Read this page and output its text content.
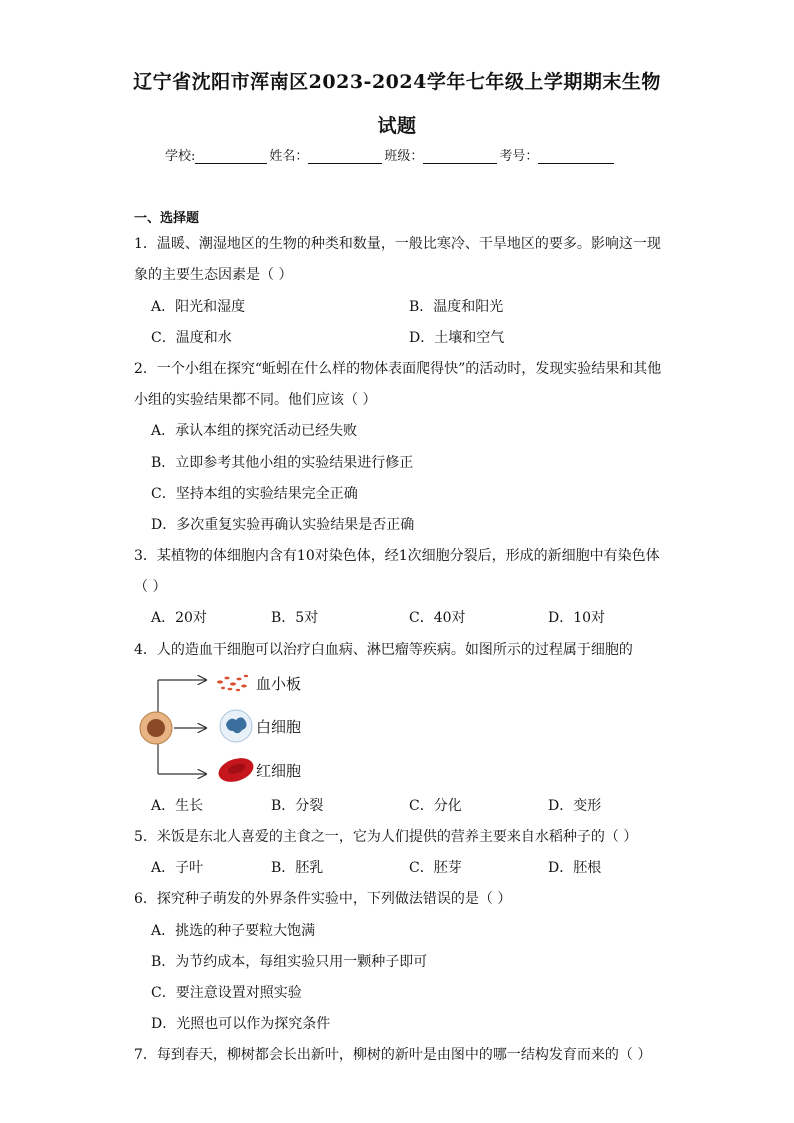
辽宁省沈阳市浑南区2023-2024学年七年级上学期期末生物
试题
学校:	姓名：	班级：	考号：
一、选择题
1．温暖、潮湿地区的生物的种类和数量，一般比寒冷、干旱地区的要多。影响这一现
象的主要生态因素是（ ）
A．阳光和湿度	B．温度和阳光
C．温度和水	D．土壤和空气
2．一个小组在探究“蚯蚓在什么样的物体表面爬得快”的活动时，发现实验结果和其他
小组的实验结果都不同。他们应该（ ）
A．承认本组的探究活动已经失败
B．立即参考其他小组的实验结果进行修正
C．坚持本组的实验结果完全正确
D．多次重复实验再确认实验结果是否正确
3．某植物的体细胞内含有10对染色体，经1次细胞分裂后，形成的新细胞中有染色体
（ ）
A．20对	B．5对	C．40对	D．10对
4．人的造血干细胞可以治疗白血病、淋巴瘤等疾病。如图所示的过程属于细胞的
血小板
白细胞
红细胞
A．生长	B．分裂	C．分化	D．变形
5．米饭是东北人喜爱的主食之一，它为人们提供的营养主要来自水稻种子的（ ）
A．子叶	B．胚乳	C．胚芽	D．胚根
6．探究种子萌发的外界条件实验中，下列做法错误的是（ ）
A．挑选的种子要粒大饱满
B．为节约成本，每组实验只用一颗种子即可
C．要注意设置对照实验
D．光照也可以作为探究条件
7．每到春天，柳树都会长出新叶，柳树的新叶是由图中的哪一结构发育而来的（ ）
